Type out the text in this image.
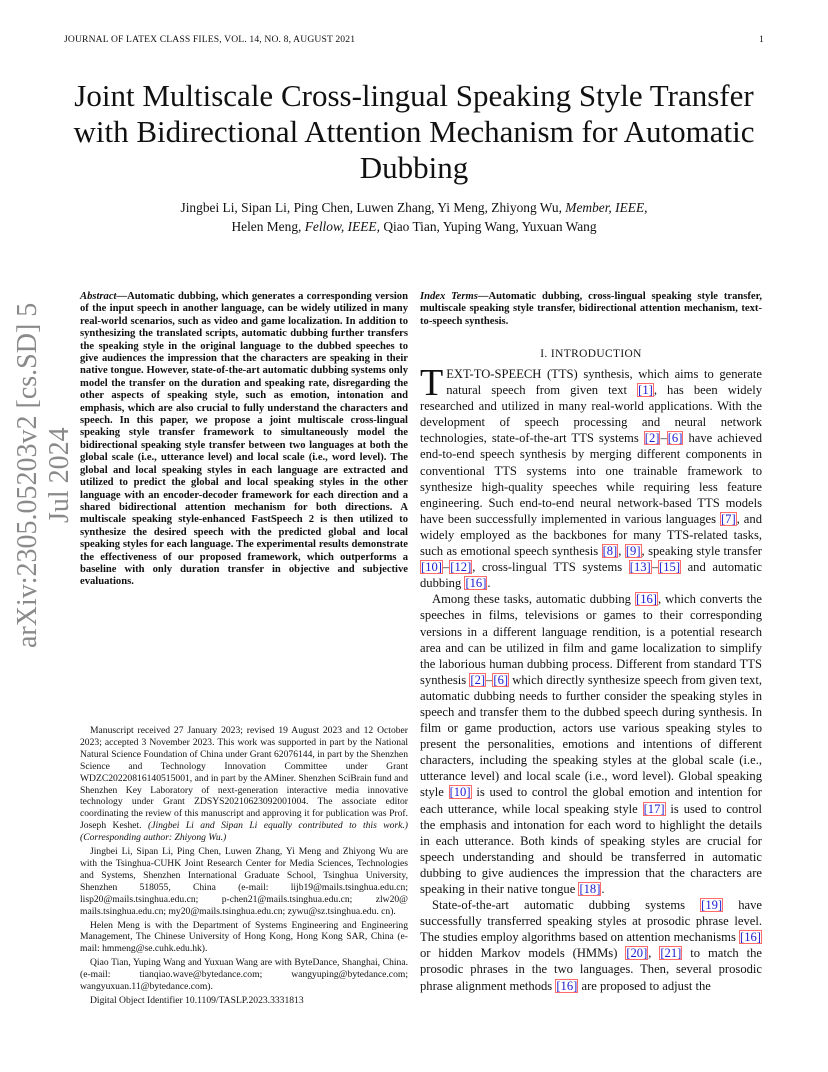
JOURNAL OF LATEX CLASS FILES, VOL. 14, NO. 8, AUGUST 2021	1
Joint Multiscale Cross-lingual Speaking Style Transfer with Bidirectional Attention Mechanism for Automatic Dubbing
Jingbei Li, Sipan Li, Ping Chen, Luwen Zhang, Yi Meng, Zhiyong Wu, Member, IEEE,
Helen Meng, Fellow, IEEE, Qiao Tian, Yuping Wang, Yuxuan Wang
arXiv:2305.05203v2 [cs.SD] 5 Jul 2024
Abstract—Automatic dubbing, which generates a corresponding version of the input speech in another language, can be widely utilized in many real-world scenarios, such as video and game localization. In addition to synthesizing the translated scripts, automatic dubbing further transfers the speaking style in the original language to the dubbed speeches to give audiences the impression that the characters are speaking in their native tongue. However, state-of-the-art automatic dubbing systems only model the transfer on the duration and speaking rate, disregarding the other aspects of speaking style, such as emotion, intonation and emphasis, which are also crucial to fully understand the characters and speech. In this paper, we propose a joint multiscale cross-lingual speaking style transfer framework to simultaneously model the bidirectional speaking style transfer between two languages at both the global scale (i.e., utterance level) and local scale (i.e., word level). The global and local speaking styles in each language are extracted and utilized to predict the global and local speaking styles in the other language with an encoder-decoder framework for each direction and a shared bidirectional attention mechanism for both directions. A multiscale speaking style-enhanced FastSpeech 2 is then utilized to synthesize the desired speech with the predicted global and local speaking styles for each language. The experimental results demonstrate the effectiveness of our proposed framework, which outperforms a baseline with only duration transfer in objective and subjective evaluations.
Index Terms—Automatic dubbing, cross-lingual speaking style transfer, multiscale speaking style transfer, bidirectional attention mechanism, text-to-speech synthesis.
I. INTRODUCTION

TEXT-TO-SPEECH (TTS) synthesis, which aims to generate natural speech from given text [1], has been widely researched and utilized in many real-world applications. With the development of speech processing and neural network technologies, state-of-the-art TTS systems [2]–[6] have achieved end-to-end speech synthesis by merging different components in conventional TTS systems into one trainable framework to synthesize high-quality speeches while requiring less feature engineering. Such end-to-end neural network-based TTS models have been successfully implemented in various languages [7], and widely employed as the backbones for many TTS-related tasks, such as emotional speech synthesis [8], [9], speaking style transfer [10]–[12], cross-lingual TTS systems [13]–[15] and automatic dubbing [16].

Among these tasks, automatic dubbing [16], which converts the speeches in films, televisions or games to their corresponding versions in a different language rendition, is a potential research area and can be utilized in film and game localization to simplify the laborious human dubbing process. Different from standard TTS synthesis [2]–[6] which directly synthesize speech from given text, automatic dubbing needs to further consider the speaking styles in speech and transfer them to the dubbed speech during synthesis. In film or game production, actors use various speaking styles to present the personalities, emotions and intentions of different characters, including the speaking styles at the global scale (i.e., utterance level) and local scale (i.e., word level). Global speaking style [10] is used to control the global emotion and intention for each utterance, while local speaking style [17] is used to control the emphasis and intonation for each word to highlight the details in each utterance. Both kinds of speaking styles are crucial for speech understanding and should be transferred in automatic dubbing to give audiences the impression that the characters are speaking in their native tongue [18].

State-of-the-art automatic dubbing systems [19] have successfully transferred speaking styles at prosodic phrase level. The studies employ algorithms based on attention mechanisms [16] or hidden Markov models (HMMs) [20], [21] to match the prosodic phrases in the two languages. Then, several prosodic phrase alignment methods [16] are proposed to adjust the

Manuscript received 27 January 2023; revised 19 August 2023 and 12 October 2023; accepted 3 November 2023. This work was supported in part by the National Natural Science Foundation of China under Grant 62076144, in part by the Shenzhen Science and Technology Innovation Committee under Grant WDZC20220816140515001, and in part by the AMiner. Shenzhen SciBrain fund and Shenzhen Key Laboratory of next-generation interactive media innovative technology under Grant ZDSYS20210623092001004. The associate editor coordinating the review of this manuscript and approving it for publication was Prof. Joseph Keshet. (Jingbei Li and Sipan Li equally contributed to this work.) (Corresponding author: Zhiyong Wu.)

Jingbei Li, Sipan Li, Ping Chen, Luwen Zhang, Yi Meng and Zhiyong Wu are with the Tsinghua-CUHK Joint Research Center for Media Sciences, Technologies and Systems, Shenzhen International Graduate School, Tsinghua University, Shenzhen 518055, China (e-mail: lijb19@mails.tsinghua.edu.cn; lisp20@mails.tsinghua.edu.cn; p-chen21@mails.tsinghua.edu.cn; zlw20@ mails.tsinghua.edu.cn; my20@mails.tsinghua.edu.cn; zywu@sz.tsinghua.edu. cn).

Helen Meng is with the Department of Systems Engineering and Engineering Management, The Chinese University of Hong Kong, Hong Kong SAR, China (e-mail: hmmeng@se.cuhk.edu.hk).

Qiao Tian, Yuping Wang and Yuxuan Wang are with ByteDance, Shanghai, China. (e-mail: tianqiao.wave@bytedance.com; wangyuping@bytedance.com; wangyuxuan.11@bytedance.com).

Digital Object Identifier 10.1109/TASLP.2023.3331813
